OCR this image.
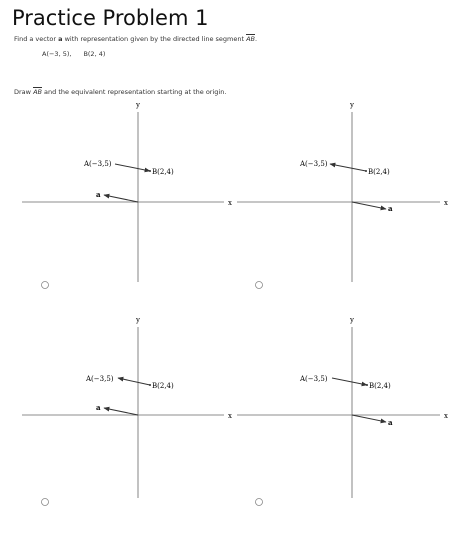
Practice Problem 1
Find a vector a with representation given by the directed line segment AB.
A(−3, 5), B(2, 4)
Draw AB and the equivalent representation starting at the origin.
y
x
A(−3,5)
B(2,4)
a
y
x
A(−3,5)
B(2,4)
a
y
x
A(−3,5)
B(2,4)
a
y
x
A(−3,5)
B(2,4)
a
